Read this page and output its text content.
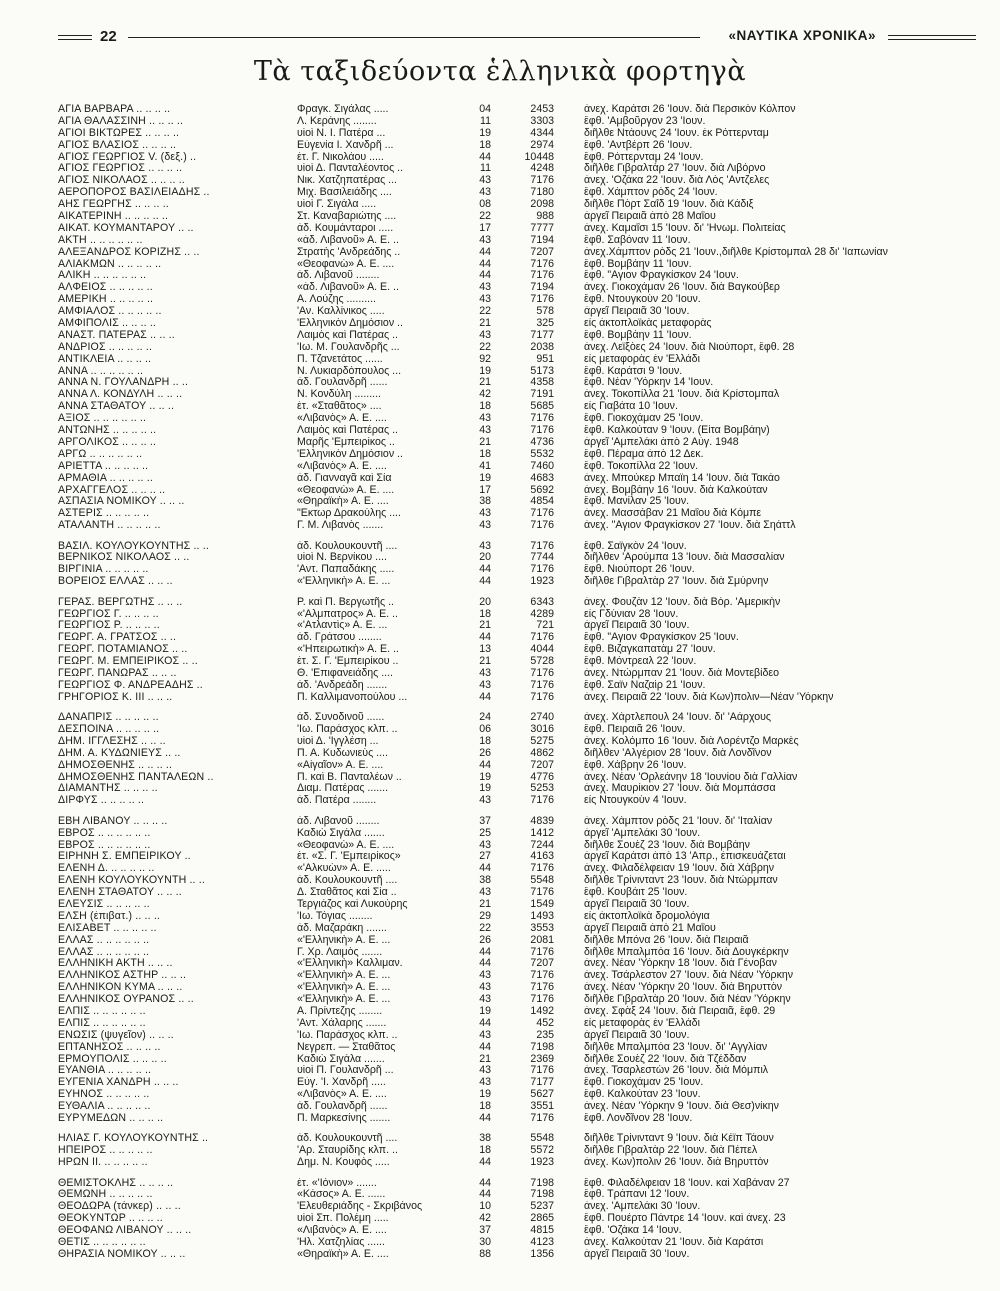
22	«ΝΑΥΤΙΚΑ ΧΡΟΝΙΚΑ»
Τὰ ταξιδεύοντα ἑλληνικὰ φορτηγὰ
ΑΓΙΑ ΒΑΡΒΑΡΑ .. .. .. ..	Φραγκ. Σιγάλας .....	04	2453	ἀνεχ. Καράτσι 26 'Ιουν. διὰ Περσικὸν Κόλπον
ΑΓΙΑ ΘΑΛΑΣΣΙΝΗ .. .. .. ..	Λ. Κεράνης ........	11	3303	ἔφθ. 'Αμβοῦργον 23 'Ιουν.
ΑΓΙΟΙ ΒΙΚΤΩΡΕΣ .. .. .. ..	υἱοὶ Ν. Ι. Πατέρα ...	19	4344	διῆλθε Ντάουνς 24 'Ιουν. ἐκ Ρόττερνταμ
ΑΓΙΟΣ ΒΛΑΣΙΟΣ .. .. .. ..	Εὐγενία Ι. Χανδρῆ ...	18	2974	ἔφθ. 'Αντβέρπ 26 'Ιουν.
ΑΓΙΟΣ ΓΕΩΡΓΙΟΣ V. (δεξ.) ..	ἐτ. Γ. Νικολάου .....	44	10448	ἔφθ. Ρόττερνταμ 24 'Ιουν.
ΑΓΙΟΣ ΓΕΩΡΓΙΟΣ .. .. .. ..	υἱοὶ Δ. Πανταλέοντος ..	11	4248	διῆλθε Γιβραλτὰρ 27 'Ιουν. διὰ Λιβόρνο
ΑΓΙΟΣ ΝΙΚΟΛΑΟΣ .. .. .. ..	Νικ. Χατζηπατέρας ...	43	7176	ἀνεχ. 'Οζάκα 22 'Ιουν. διὰ Λὸς 'Αντζελες
ΑΕΡΟΠΟΡΟΣ ΒΑΣΙΛΕΙΑΔΗΣ ..	Μιχ. Βασιλειάδης ....	43	7180	ἔφθ. Χάμπτον ρὸδς 24 'Ιουν.
ΑΗΣ ΓΕΩΡΓΗΣ .. .. .. ..	υἱοὶ Γ. Σιγάλα .....	08	2098	διῆλθε Πὸρτ Σαΐδ 19 'Ιουν. διὰ Κάδιξ
ΑΙΚΑΤΕΡΙΝΗ .. .. .. .. ..	Στ. Καναβαριώτης ....	22	988	ἀργεῖ Πειραιᾶ ἀπὸ 28 Μαΐου
ΑΙΚΑΤ. ΚΟΥΜΑΝΤΑΡΟΥ .. ..	ἀδ. Κουμάνταροι .....	17	7777	ἀνεχ. Καμαΐσι 15 'Ιουν. δι' 'Ηνωμ. Πολιτείας
ΑΚΤΗ .. .. .. .. .. ..	«ἀδ. Λιβανοῦ» Α. Ε. ..	43	7194	ἔφθ. Σαβόναν 11 'Ιουν.
ΑΛΕΞΑΝΔΡΟΣ ΚΟΡΙΖΗΣ .. ..	Στρατὴς 'Ανδρεάδης ..	44	7207	ἀνεχ.Χάμπτον ρὸδς 21 'Ιουν.,διῆλθε Κρίστομπαλ 28 δι' 'Ιαπωνίαν
ΑΛΙΑΚΜΩΝ .. .. .. .. ..	«Θεοφανὼ» Α. Ε. ....	44	7176	ἔφθ. Βομβάην 11 'Ιουν.
ΑΛΙΚΗ .. .. .. .. .. ..	ἀδ. Λιβανοῦ ........	44	7176	ἔφθ. "Αγιον Φραγκίσκον 24 'Ιουν.
ΑΛΦΕΙΟΣ .. .. .. .. ..	«ἀδ. Λιβανοῦ» Α. Ε. ..	43	7194	ἀνεχ. Γιοκοχάμαν 26 'Ιουν. διὰ Βαγκούβερ
ΑΜΕΡΙΚΗ .. .. .. .. ..	Α. Λούζης ..........	43	7176	ἔφθ. Ντουγκοὺν 20 'Ιουν.
ΑΜΦΙΑΛΟΣ .. .. .. .. ..	'Αν. Καλλίνικος .....	22	578	ἀργεῖ Πειραιᾶ 30 'Ιουν.
ΑΜΦΙΠΟΛΙΣ .. .. .. ..	'Ελληνικὸν Δημόσιον ..	21	325	εἰς ἀκτοπλοϊκὰς μεταφορὰς
ΑΝΑΣΤ. ΠΑΤΕΡΑΣ .. .. ..	Λαιμὸς καὶ Πατέρας ..	43	7177	ἔφθ. Βομβάην 11 'Ιουν.
ΑΝΔΡΙΟΣ .. .. .. .. ..	'Ιω. Μ. Γουλανδρῆς ...	22	2038	ἀνεχ. Λεϊξὸες 24 'Ιουν. διὰ Νιούπορτ, ἔφθ. 28
ΑΝΤΙΚΛΕΙΑ .. .. .. ..	Π. Τζανετάτος ......	92	951	εἰς μεταφορὰς ἐν 'Ελλάδι
ΑΝΝΑ .. .. .. .. .. ..	Ν. Λυκιαρδόπουλος ...	19	5173	ἔφθ. Καράτσι 9 'Ιουν.
ΑΝΝΑ Ν. ΓΟΥΛΑΝΔΡΗ .. ..	ἀδ. Γουλανδρῆ ......	21	4358	ἔφθ. Νέαν 'Υόρκην 14 'Ιουν.
ΑΝΝΑ Λ. ΚΟΝΔΥΛΗ .. .. ..	Ν. Κονδύλη .........	42	7191	ἀνεχ. Τοκοπίλλα 21 'Ιουν. διὰ Κρίστομπαλ
ΑΝΝΑ ΣΤΑΘΑΤΟΥ .. .. ..	ἐτ. «Σταθᾶτος» ....	18	5685	εἰς Γιαβάτα 10 'Ιουν.
ΑΞΙΟΣ .. .. .. .. .. ..	«Λιβανὸς» Α. Ε. ....	43	7176	ἔφθ. Γιοκοχάμαν 25 'Ιουν.
ΑΝΤΩΝΗΣ .. .. .. .. ..	Λαιμὸς καὶ Πατέρας ..	43	7176	ἔφθ. Καλκούταν 9 'Ιουν. (Εἶτα Βομβάην)
ΑΡΓΟΛΙΚΟΣ .. .. .. ..	Μαρῆς 'Εμπειρίκος ..	21	4736	ἀργεῖ 'Αμπελάκι ἀπὸ 2 Αὐγ. 1948
ΑΡΓΩ .. .. .. .. .. ..	'Ελληνικὸν Δημόσιον ..	18	5532	ἔφθ. Πέραμα ἀπὸ 12 Δεκ.
ΑΡΙΕΤΤΑ .. .. .. .. ..	«Λιβανὸς» Α. Ε. ....	41	7460	ἔφθ. Τοκοπίλλα 22 'Ιουν.
ΑΡΜΑΘΙΑ .. .. .. .. ..	ἀδ. Γιανναγᾶ καὶ Σία	19	4683	ἀνεχ. Μπούκερ Μπαῒη 14 'Ιουν. διὰ Τακάο
ΑΡΧΑΓΓΕΛΟΣ .. .. .. ..	«Θεοφανὼ» Α. Ε. ....	17	5692	ἀνεχ. Βομβάην 16 'Ιουν. διὰ Καλκούταν
ΑΣΠΑΣΙΑ ΝΟΜΙΚΟΥ .. .. ..	«Θηραϊκὴ» Α. Ε. ....	38	4854	ἔφθ. Μανίλαν 25 'Ιουν.
ΑΣΤΕΡΙΣ .. .. .. .. ..	"Εκτωρ Δρακούλης ....	43	7176	ἀνεχ. Μασσάβαν 21 Μαΐου διὰ Κόμπε
ΑΤΑΛΑΝΤΗ .. .. .. .. ..	Γ. Μ. Λιβανὸς .......	43	7176	ἀνεχ. "Αγιον Φραγκίσκον 27 'Ιουν. διὰ Σηάττλ
ΒΑΣΙΛ. ΚΟΥΛΟΥΚΟΥΝΤΗΣ .. ..	ἀδ. Κουλουκουντῆ ....	43	7176	ἔφθ. Σαϊγκὸν 24 'Ιουν.
ΒΕΡΝΙΚΟΣ ΝΙΚΟΛΑΟΣ .. ..	υἱοὶ Ν. Βερνίκου ....	20	7744	διῆλθεν 'Αρούμπα 13 'Ιουν. διὰ Μασσαλίαν
ΒΙΡΓΙΝΙΑ .. .. .. .. ..	'Αντ. Παπαδάκης .....	44	7176	ἔφθ. Νιούπορτ 26 'Ιουν.
ΒΟΡΕΙΟΣ ΕΛΛΑΣ .. .. ..	«'Ελληνικὴ» Α. Ε. ...	44	1923	διῆλθε Γιβραλτὰρ 27 'Ιουν. διὰ Σμύρνην
ΓΕΡΑΣ. ΒΕΡΓΩΤΗΣ .. .. ..	Ρ. καὶ Π. Βεργωτῆς ..	20	6343	ἀνεχ. Φουζὰν 12 'Ιουν. διὰ Βόρ. 'Αμερικὴν
ΓΕΩΡΓΙΟΣ Γ. .. .. .. ..	«'Αλμπατρος» Α. Ε. ..	18	4289	εἰς Γδύνιαν 28 'Ιουν.
ΓΕΩΡΓΙΟΣ Ρ. .. .. .. ..	«'Ατλαντὶς» Α. Ε. ...	21	721	ἀργεῖ Πειραιᾶ 30 'Ιουν.
ΓΕΩΡΓ. Α. ΓΡΑΤΣΟΣ .. ..	ἀδ. Γράτσου ........	44	7176	ἔφθ. "Αγιον Φραγκίσκον 25 'Ιουν.
ΓΕΩΡΓ. ΠΟΤΑΜΙΑΝΟΣ .. ..	«'Ηπειρωτικὴ» Α. Ε. ..	13	4044	ἔφθ. Βιζαγκαπατὰμ 27 'Ιουν.
ΓΕΩΡΓ. Μ. ΕΜΠΕΙΡΙΚΟΣ .. ..	ἐτ. Σ. Γ. 'Εμπειρίκου ..	21	5728	ἔφθ. Μόντρεαλ 22 'Ιουν.
ΓΕΩΡΓ. ΠΑΝΩΡΑΣ .. .. ..	Θ. 'Επιφανειάδης ....	43	7176	ἀνεχ. Ντώρμπαν 21 'Ιουν. διὰ Μοντεβίδεο
ΓΕΩΡΓΙΟΣ Φ. ΑΝΔΡΕΑΔΗΣ ..	ἀδ. 'Ανδρεάδη .......	43	7176	ἔφθ. Σαῒν Ναζαὶρ 21 'Ιουν.
ΓΡΗΓΟΡΙΟΣ Κ. ΙΙΙ .. .. ..	Π. Καλλιμανοπούλου ...	44	7176	ἀνεχ. Πειραιᾶ 22 'Ιουν. διὰ Κων)πολιν—Νέαν 'Υόρκην
ΔΑΝΑΠΡΙΣ .. .. .. .. ..	ἀδ. Συνοδινοῦ ......	24	2740	ἀνεχ. Χάρτλεπουλ 24 'Ιουν. δι' 'Αάρχους
ΔΕΣΠΟΙΝΑ .. .. .. .. ..	'Ιω. Παράσχος κλπ. ..	06	3016	ἔφθ. Πειραιᾶ 26 'Ιουν.
ΔΗΜ. ΙΓΓΛΕΣΗΣ .. .. ..	υἱοὶ Δ. 'Ιγγλέση ...	18	5275	ἀνεχ. Κολόμπο 16 'Ιουν. διὰ Λορέντζο Μαρκὲς
ΔΗΜ. Α. ΚΥΔΩΝΙΕΥΣ .. ..	Π. Α. Κυδωνιεὺς ....	26	4862	διῆλθεν 'Αλγέριον 28 'Ιουν. διὰ Λονδῖνον
ΔΗΜΟΣΘΕΝΗΣ .. .. .. ..	«Αἰγαῖον» Α. Ε. ....	44	7207	ἔφθ. Χάβρην 26 'Ιουν.
ΔΗΜΟΣΘΕΝΗΣ ΠΑΝΤΑΛΕΩΝ ..	Π. καὶ Β. Πανταλέων ..	19	4776	ἀνεχ. Νέαν 'Ορλεάνην 18 'Ιουνίου διὰ Γαλλίαν
ΔΙΑΜΑΝΤΗΣ .. .. .. ..	Διαμ. Πατέρας .......	19	5253	ἀνεχ. Μαυρίκιον 27 'Ιουν. διὰ Μομπάσσα
ΔΙΡΦΥΣ .. .. .. .. ..	ἀδ. Πατέρα ........	43	7176	εἰς Ντουγκοὺν 4 'Ιουν.
ΕΒΗ ΛΙΒΑΝΟΥ .. .. .. ..	ἀδ. Λιβανοῦ ........	37	4839	ἀνεχ. Χάμπτον ρὸδς 21 'Ιουν. δι' 'Ιταλίαν
ΕΒΡΟΣ .. .. .. .. .. ..	Καδιὼ Σιγάλα .......	25	1412	ἀργεῖ 'Αμπελάκι 30 'Ιουν.
ΕΒΡΟΣ .. .. .. .. .. ..	«Θεοφανὼ» Α. Ε. ....	43	7244	διῆλθε Σουὲζ 23 'Ιουν. διὰ Βομβάην
ΕΙΡΗΝΗ Σ. ΕΜΠΕΙΡΙΚΟΥ ..	ἐτ. «Σ. Γ. 'Εμπειρίκος»	27	4163	ἀργεῖ Καράτσι ἀπὸ 13 'Απρ., ἐπισκευάζεται
ΕΛΕΝΗ Δ. .. .. .. .. ..	«'Αλκυὼν» Α. Ε. .....	44	7176	ἀνεχ. Φιλαδέλφειαν 19 'Ιουν. διὰ Χάβρην
ΕΛΕΝΗ ΚΟΥΛΟΥΚΟΥΝΤΗ .. ..	ἀδ. Κουλουκουντῆ ....	38	5548	διῆλθε Τρίνινταντ 23 'Ιουν. διὰ Ντώρμπαν
ΕΛΕΝΗ ΣΤΑΘΑΤΟΥ .. .. ..	Δ. Σταθᾶτος καὶ Σία ..	43	7176	ἔφθ. Κουβάιτ 25 'Ιουν.
ΕΛΕΥΣΙΣ .. .. .. .. ..	Τεργιάζος καὶ Λυκούρης	21	1549	ἀργεῖ Πειραιᾶ 30 'Ιουν.
ΕΛΣΗ (ἐπιβατ.) .. .. ..	'Ιω. Τόγιας ........	29	1493	εἰς ἀκτοπλοϊκὰ δρομολόγια
ΕΛΙΣΑΒΕΤ .. .. .. .. ..	ἀδ. Μαζαράκη .......	22	3553	ἀργεῖ Πειραιᾶ ἀπὸ 21 Μαΐου
ΕΛΛΑΣ .. .. .. .. .. ..	«'Ελληνικὴ» Α. Ε. ...	26	2081	διῆλθε Μπόνα 26 'Ιουν. διὰ Πειραιᾶ
ΕΛΛΑΣ .. .. .. .. .. ..	Γ. Χρ. Λαιμὸς .......	44	7176	διῆλθε Μπαλμπόα 16 'Ιουν. διὰ Δουγκέρκην
ΕΛΛΗΝΙΚΗ ΑΚΤΗ .. .. ..	«'Ελληνικὴ» Καλλιμαν.	44	7207	ἀνεχ. Νέαν 'Υόρκην 18 'Ιουν. διὰ Γένοβαν
ΕΛΛΗΝΙΚΟΣ ΑΣΤΗΡ .. .. ..	«'Ελληνικὴ» Α. Ε. ...	43	7176	ἀνεχ. Τσάρλεστον 27 'Ιουν. διὰ Νέαν 'Υόρκην
ΕΛΛΗΝΙΚΟΝ ΚΥΜΑ .. .. ..	«'Ελληνικὴ» Α. Ε. ...	43	7176	ἀνεχ. Νέαν 'Υόρκην 20 'Ιουν. διὰ Βηρυττὸν
ΕΛΛΗΝΙΚΟΣ ΟΥΡΑΝΟΣ .. ..	«'Ελληνικὴ» Α. Ε. ...	43	7176	διῆλθε Γιβραλτὰρ 20 'Ιουν. διὰ Νέαν 'Υόρκην
ΕΛΠΙΣ .. .. .. .. .. ..	Α. Πρίντεζης ........	19	1492	ἀνεχ. Σφὰξ 24 'Ιουν. διὰ Πειραιᾶ, ἔφθ. 29
ΕΛΠΙΣ .. .. .. .. .. ..	'Αντ. Χάλαρης .......	44	452	εἰς μεταφορὰς ἐν 'Ελλάδι
ΕΝΩΣΙΣ (ψυγεῖον) .. .. ..	'Ιω. Παράσχος κλπ. ..	43	235	ἀργεῖ Πειραιᾶ 30 'Ιουν.
ΕΠΤΑΝΗΣΟΣ .. .. .. ..	Νεγρεπ. — Σταθᾶτος	44	7198	διῆλθε Μπαλμπόα 23 'Ιουν. δι' 'Αγγλίαν
ΕΡΜΟΥΠΟΛΙΣ .. .. .. ..	Καδιὼ Σιγάλα .......	21	2369	διῆλθε Σουὲζ 22 'Ιουν. διὰ Τζέδδαν
ΕΥΑΝΘΙΑ .. .. .. .. ..	υἱοὶ Π. Γουλανδρῆ ...	43	7176	ἀνεχ. Τσαρλεστὼν 26 'Ιουν. διὰ Μόμπιλ
ΕΥΓΕΝΙΑ ΧΑΝΔΡΗ .. .. ..	Εὐγ. 'Ι. Χανδρῆ .....	43	7177	ἔφθ. Γιοκοχάμαν 25 'Ιουν.
ΕΥΗΝΟΣ .. .. .. .. ..	«Λιβανὸς» Α. Ε. ....	19	5627	ἔφθ. Καλκούταν 23 'Ιουν.
ΕΥΘΑΛΙΑ .. .. .. .. ..	ἀδ. Γουλανδρῆ ......	18	3551	ἀνεχ. Νέαν 'Υόρκην 9 'Ιουν. διὰ Θεσ)νίκην
ΕΥΡΥΜΕΔΩΝ .. .. .. ..	Π. Μαρκεσίνης .......	44	7176	ἔφθ. Λονδῖνον 28 'Ιουν.
ΗΛΙΑΣ Γ. ΚΟΥΛΟΥΚΟΥΝΤΗΣ ..	ἀδ. Κουλουκουντῆ ....	38	5548	διῆλθε Τρίνινταντ 9 'Ιουν. διὰ Κέϊπ Τάουν
ΗΠΕΙΡΟΣ .. .. .. .. ..	'Αρ. Σταυρίδης κλπ. ..	18	5572	διῆλθε Γιβραλτὰρ 22 'Ιουν. διὰ Πέπελ
ΗΡΩΝ ΙΙ. .. .. .. .. ..	Δημ. Ν. Κουφὸς .....	44	1923	ἀνεχ. Κων)πολιν 26 'Ιουν. διὰ Βηρυττὸν
ΘΕΜΙΣΤΟΚΛΗΣ .. .. .. ..	ἐτ. «'Ιόνιον» .......	44	7198	ἔφθ. Φιλαδέλφειαν 18 'Ιουν. καὶ Χαβάναν 27
ΘΕΜΩΝΗ .. .. .. .. ..	«Κάσος» Α. Ε. ......	44	7198	ἔφθ. Τράπανι 12 'Ιουν.
ΘΕΟΔΩΡΑ (τάνκερ) .. .. ..	'Ελευθεριάδης - Σκριβάνος	10	5237	ἀνεχ. 'Αμπελάκι 30 'Ιουν.
ΘΕΟΚΥΝΤΩΡ .. .. .. ..	υἱοὶ Σπ. Πολέμη .....	42	2865	ἔφθ. Πουέρτο Πάντρε 14 'Ιουν. καὶ ἀνεχ. 23
ΘΕΟΦΑΝΩ ΛΙΒΑΝΟΥ .. .. ..	«Λιβανὸς» Α. Ε. ....	37	4815	ἔφθ. 'Οζάκα 14 'Ιουν.
ΘΕΤΙΣ .. .. .. .. .. ..	'Ηλ. Χατζηλίας ......	30	4123	ἀνεχ. Καλκούταν 21 'Ιουν. διὰ Καράτσι
ΘΗΡΑΣΙΑ ΝΟΜΙΚΟΥ .. .. ..	«Θηραϊκὴ» Α. Ε. ....	88	1356	ἀργεῖ Πειραιᾶ 30 'Ιουν.
